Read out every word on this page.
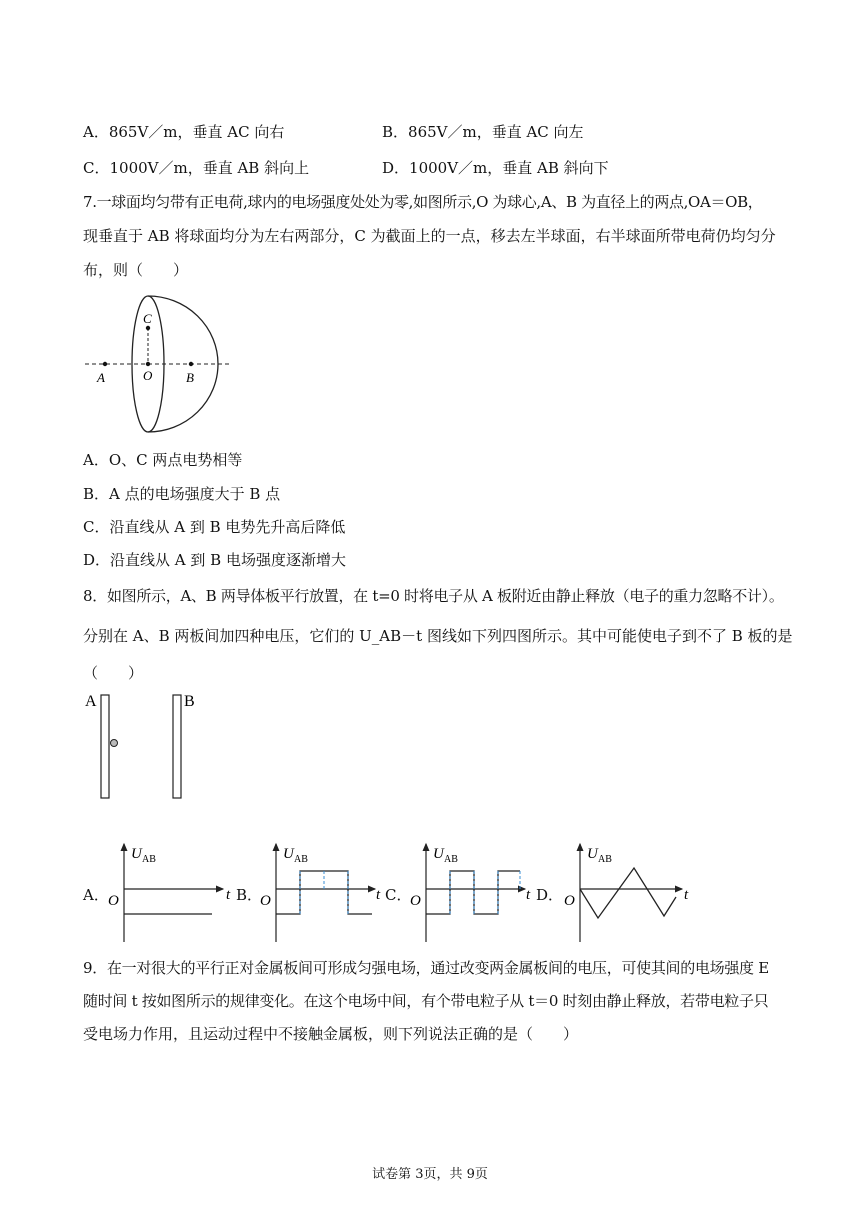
A．865V／m，垂直 AC 向右	B．865V／m，垂直 AC 向左
C．1000V／m，垂直 AB 斜向上	D．1000V／m，垂直 AB 斜向下
7.一球面均匀带有正电荷,球内的电场强度处处为零,如图所示,O 为球心,A、B 为直径上的两点,OA＝OB，
现垂直于 AB 将球面均分为左右两部分，C 为截面上的一点，移去左半球面，右半球面所带电荷仍均匀分
布，则（　　）
C
O
A	B
A．O、C 两点电势相等
B．A 点的电场强度大于 B 点
C．沿直线从 A 到 B 电势先升高后降低
D．沿直线从 A 到 B 电场强度逐渐增大
8．如图所示，A、B 两导体板平行放置，在 t=0 时将电子从 A 板附近由静止释放（电子的重力忽略不计）。
分别在 A、B 两板间加四种电压，它们的 U_AB－t 图线如下列四图所示。其中可能使电子到不了 B 板的是
（　　）
A	B
A．	B．	C．	D．
U AB
t
O
U AB
t
O
U AB
t
O
U AB
t
O
9．在一对很大的平行正对金属板间可形成匀强电场，通过改变两金属板间的电压，可使其间的电场强度 E
随时间 t 按如图所示的规律变化。在这个电场中间，有个带电粒子从 t＝0 时刻由静止释放，若带电粒子只
受电场力作用，且运动过程中不接触金属板，则下列说法正确的是（　　）
试卷第 3页，共 9页
